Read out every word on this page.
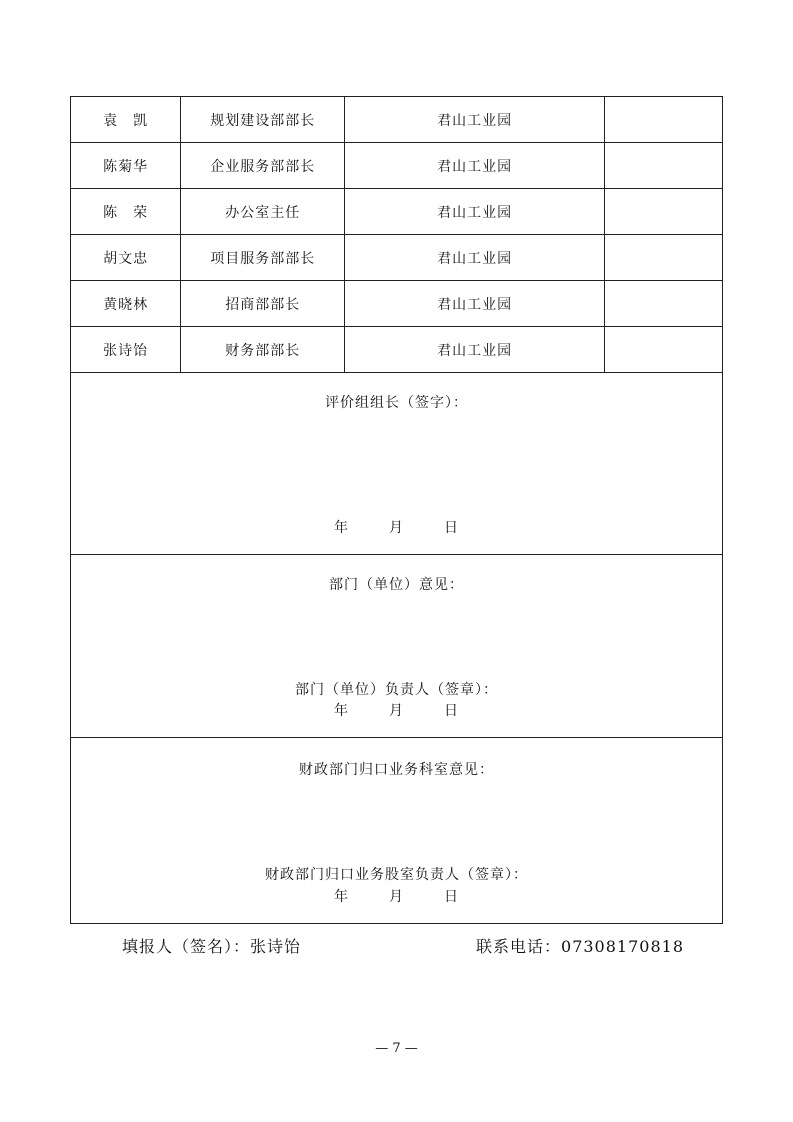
袁　凯	规划建设部部长	君山工业园	
陈菊华	企业服务部部长	君山工业园	
陈　荣	办公室主任	君山工业园	
胡文忠	项目服务部部长	君山工业园	
黄晓林	招商部部长	君山工业园	
张诗饴	财务部部长	君山工业园	

评价组组长（签字）：
年 月 日			

部门（单位）意见：
部门（单位）负责人（签章）：
年 月 日			

财政部门归口业务科室意见：
财政部门归口业务股室负责人（签章）：
年 月 日			
填报人（签名）：张诗饴	联系电话：07308170818
— 7 —
